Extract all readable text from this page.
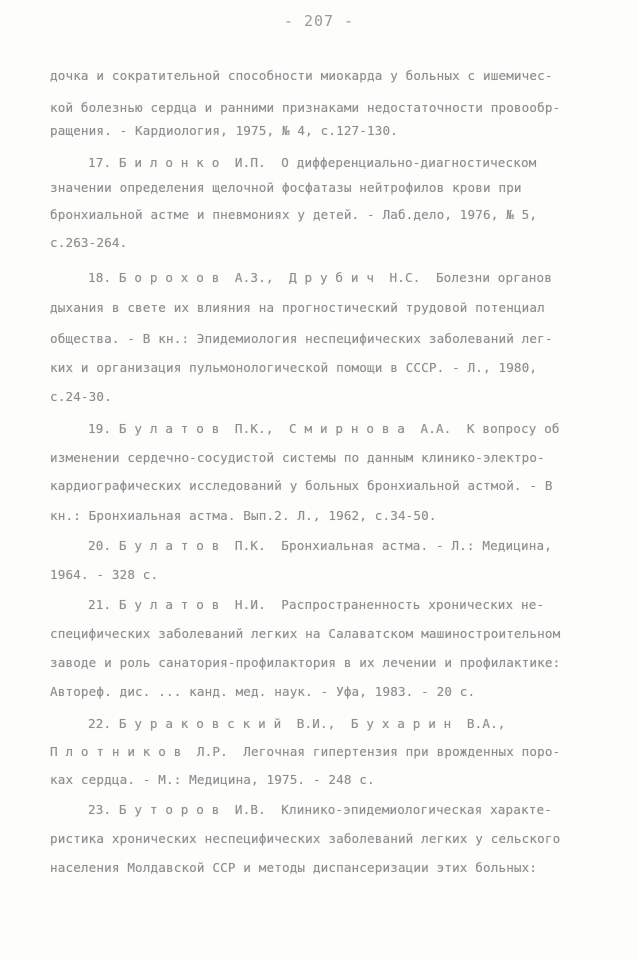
- 207 -
дочка и сократительной способности миокарда у больных с ишемичес-
кой болезнью сердца и ранними признаками недостаточности провообр-
ращения. - Кардиология, 1975, № 4, с.127-130.
17. Б и л о н к о  И.П.  О дифференциально-диагностическом
значении определения щелочной фосфатазы нейтрофилов крови при
бронхиальной астме и пневмониях у детей. - Лаб.дело, 1976, № 5,
с.263-264.
18. Б о р о х о в  А.З.,  Д р у б и ч  Н.С.  Болезни органов
дыхания в свете их влияния на прогностический трудовой потенциал
общества. - В кн.: Эпидемиология неспецифических заболеваний лег-
ких и организация пульмонологической помощи в СССР. - Л., 1980,
с.24-30.
19. Б у л а т о в  П.К.,  С м и р н о в а  А.А.  К вопросу об
изменении сердечно-сосудистой системы по данным клинико-электро-
кардиографических исследований у больных бронхиальной астмой. - В
кн.: Бронхиальная астма. Вып.2. Л., 1962, с.34-50.
20. Б у л а т о в  П.К.  Бронхиальная астма. - Л.: Медицина,
1964. - 328 с.
21. Б у л а т о в  Н.И.  Распространенность хронических не-
специфических заболеваний легких на Салаватском машиностроительном
заводе и роль санатория-профилактория в их лечении и профилактике:
Автореф. дис. ... канд. мед. наук. - Уфа, 1983. - 20 с.
22. Б у р а к о в с к и й  В.И.,  Б у х а р и н  В.А.,
П л о т н и к о в  Л.Р.  Легочная гипертензия при врожденных поро-
ках сердца. - М.: Медицина, 1975. - 248 с.
23. Б у т о р о в  И.В.  Клинико-эпидемиологическая характе-
ристика хронических неспецифических заболеваний легких у сельского
населения Молдавской ССР и методы диспансеризации этих больных:
